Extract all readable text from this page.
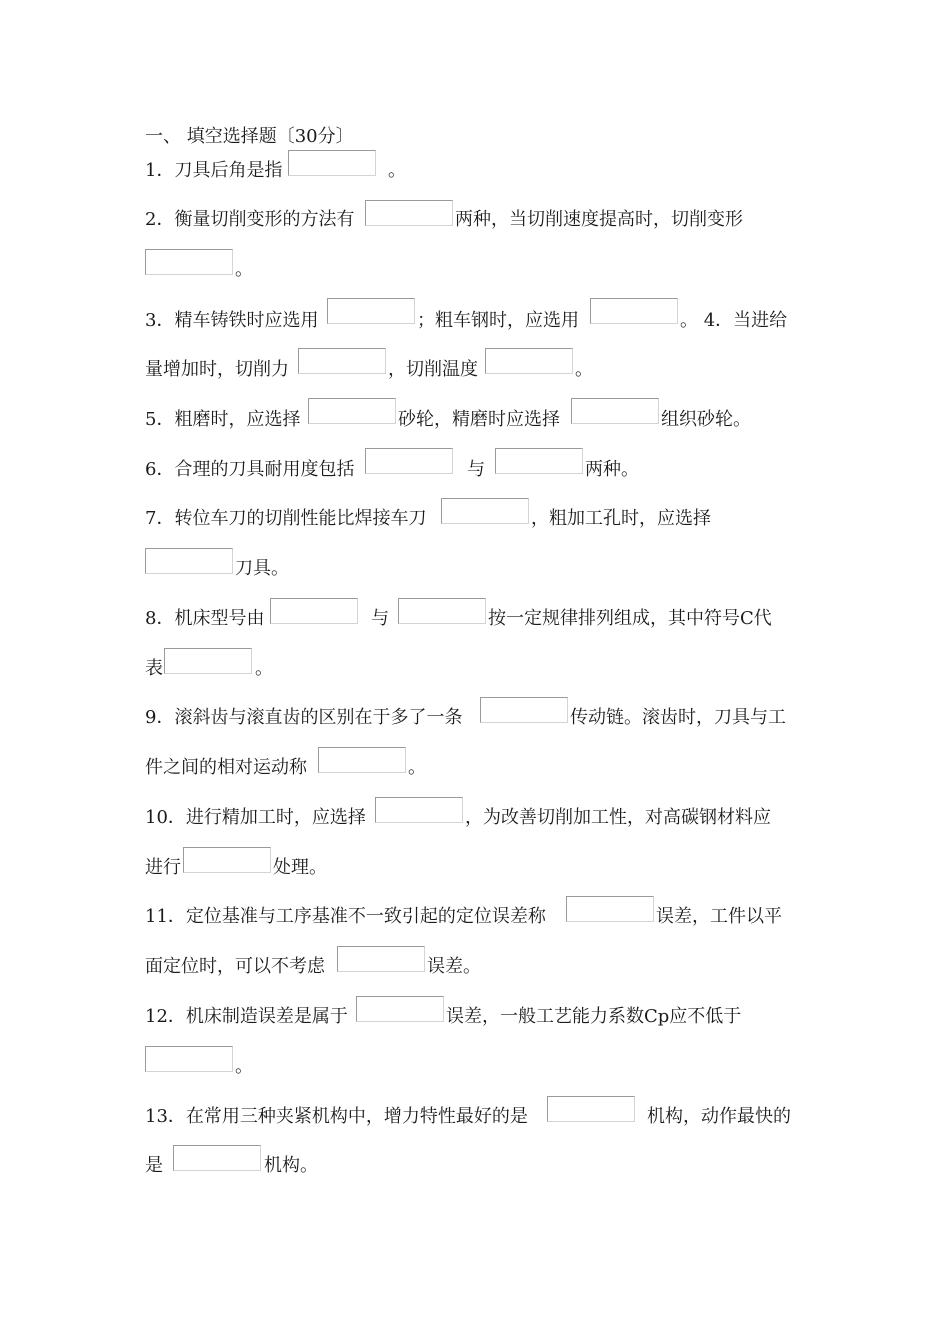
一、 填空选择题〔30分〕
1．刀具后角是指	。
2．衡量切削变形的方法有	两种，当切削速度提高时，切削变形
。
3．精车铸铁时应选用	；粗车钢时，应选用	。 4．当进给
量增加时，切削力	，切削温度	。
5．粗磨时，应选择	砂轮，精磨时应选择	组织砂轮。
6．合理的刀具耐用度包括	与	两种。
7．转位车刀的切削性能比焊接车刀	，粗加工孔时，应选择
刀具。
8．机床型号由	与	按一定规律排列组成，其中符号C代
表	。
9．滚斜齿与滚直齿的区别在于多了一条	传动链。滚齿时，刀具与工
件之间的相对运动称	。
10．进行精加工时，应选择	，为改善切削加工性，对高碳钢材料应
进行	处理。
11．定位基准与工序基准不一致引起的定位误差称	误差，工件以平
面定位时，可以不考虑	误差。
12．机床制造误差是属于	误差，一般工艺能力系数Cp应不低于
。
13．在常用三种夹紧机构中，增力特性最好的是	机构，动作最快的
是	机构。
